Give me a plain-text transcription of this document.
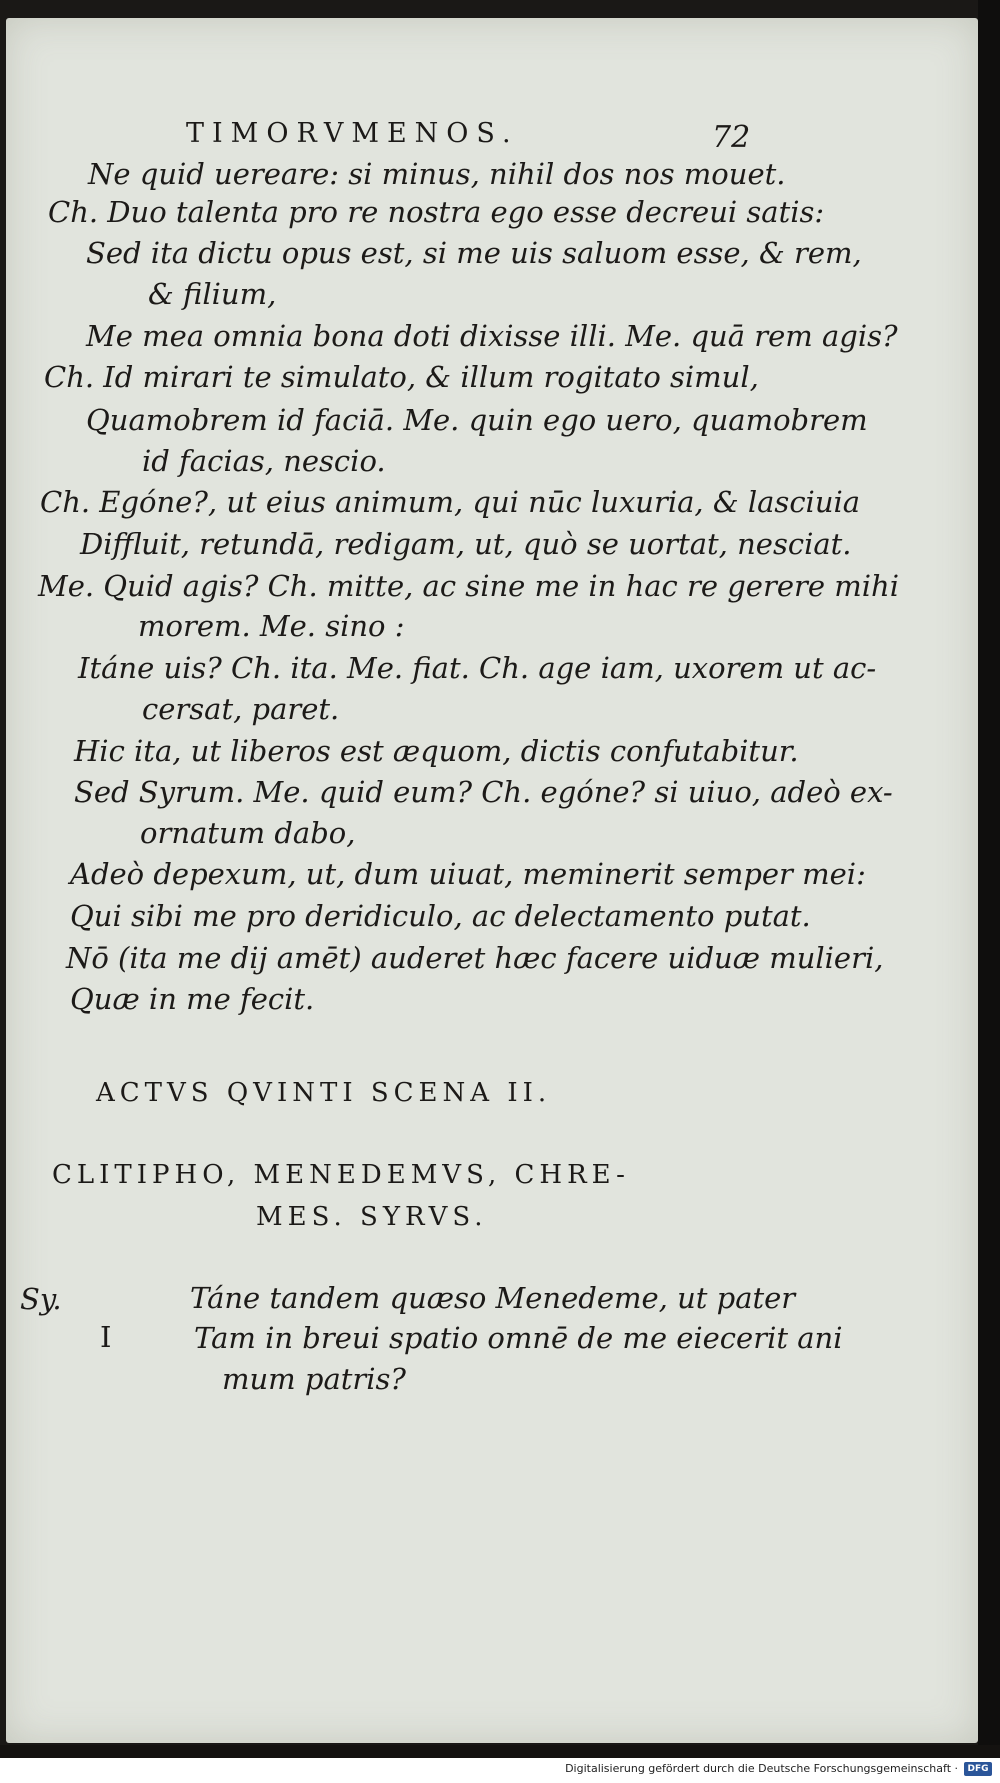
TIMORVMENOS.	72
Ne quid uereare: si minus, nihil dos nos mouet.
Ch. Duo talenta pro re nostra ego esse decreui satis:
Sed ita dictu opus est, si me uis saluom esse, & rem,
& filium,
Me mea omnia bona doti dixisse illi. Me. quā rem agis?
Ch. Id mirari te simulato, & illum rogitato simul,
Quamobrem id faciā. Me. quin ego uero, quamobrem
id facias, nescio.
Ch. Egóne?, ut eius animum, qui nūc luxuria, & lasciuia
Diffluit, retundā, redigam, ut, quò se uortat, nesciat.
Me. Quid agis? Ch. mitte, ac sine me in hac re gerere mihi
morem. Me. sino :
Itáne uis? Ch. ita. Me. fiat. Ch. age iam, uxorem ut ac-
cersat, paret.
Hic ita, ut liberos est æquom, dictis confutabitur.
Sed Syrum. Me. quid eum? Ch. egóne? si uiuo, adeò ex-
ornatum dabo,
Adeò depexum, ut, dum uiuat, meminerit semper mei:
Qui sibi me pro deridiculo, ac delectamento putat.
Nō (ita me dij amēt) auderet hæc facere uiduæ mulieri,
Quæ in me fecit.
ACTVS QVINTI SCENA II.
CLITIPHO, MENEDEMVS, CHRE-
MES. SYRVS.
Sy.
I
Táne tandem quæso Menedeme, ut pater
Tam in breui spatio omnē de me eiecerit ani
mum patris?
Digitalisierung gefördert durch die Deutsche Forschungsgemeinschaft ·	DFG
